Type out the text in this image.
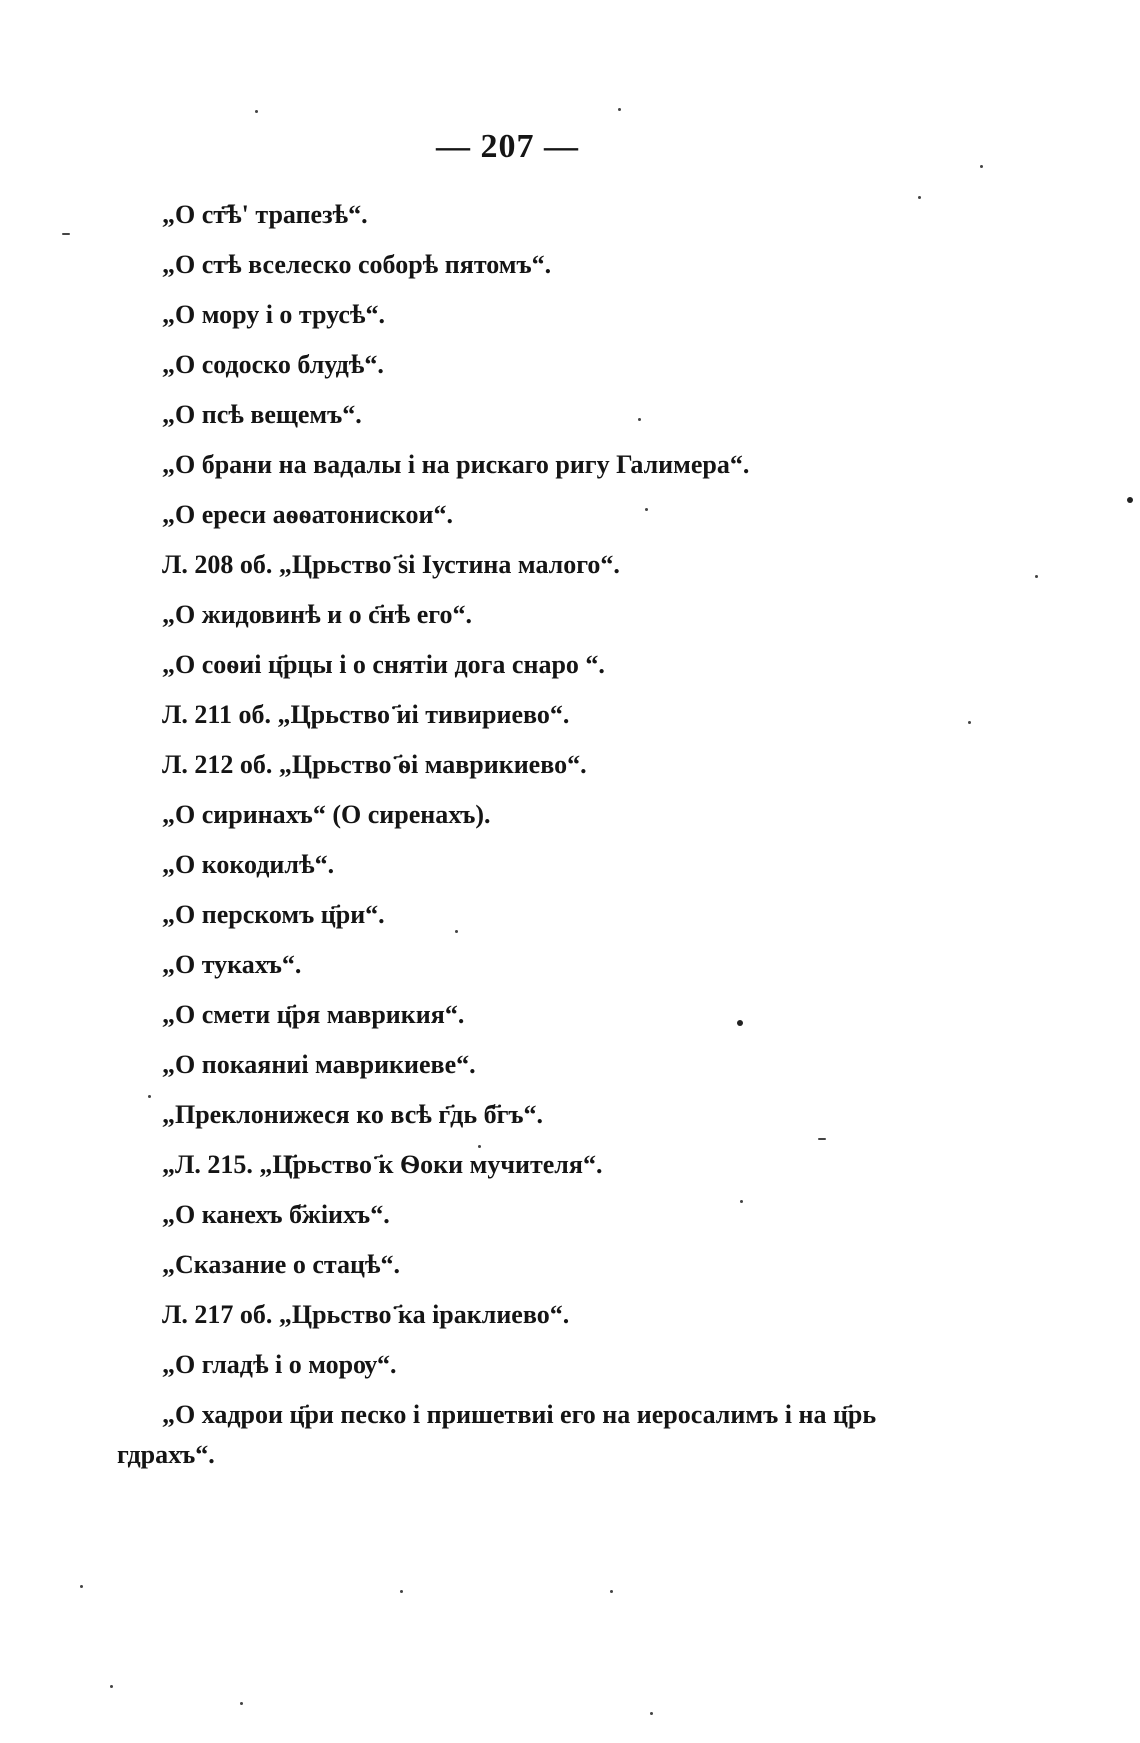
— 207 —
„О ст҃ѣ' трапезѣ“.
„О стѣ вселеско соборѣ пятомъ“.
„О мору і о трусѣ“.
„О содоско блудѣ“.
„О псѣ вещемъ“.
„О брани на вадалы і на рискаго ригу Галимера“.
„О ереси аѳѳатонискои“.
Л. 208 об. „Црьство ҃ѕі Іустина малого“.
„О жидовинѣ и о с҃нѣ его“.
„О соѳиі ц҃рцы і о снятіи дога снаро “.
Л. 211 об. „Црьство ҃иі тивириево“.
Л. 212 об. „Црьство ҃ѳі маврикиево“.
„О сиринахъ“ (О сиренахъ).
„О кокодилѣ“.
„О перскомъ ц҃ри“.
„О тукахъ“.
„О смети ц҃ря маврикия“.
„О покаяниі маврикиеве“.
„Преклонижеся ко всѣ г҃дь б҃гъ“.
„Л. 215. „Ц҃рьство ҃к Ѳоки мучителя“.
„О канехъ б҃жіихъ“.
„Сказание о стацѣ“.
Л. 217 об. „Црьство ҃ка іраклиево“.
„О гладѣ і о морѹ“.
„О хадрои ц҃ри песко і пришетвиі его на иеросалимъ і на ц҃рь
гдрахъ“.
